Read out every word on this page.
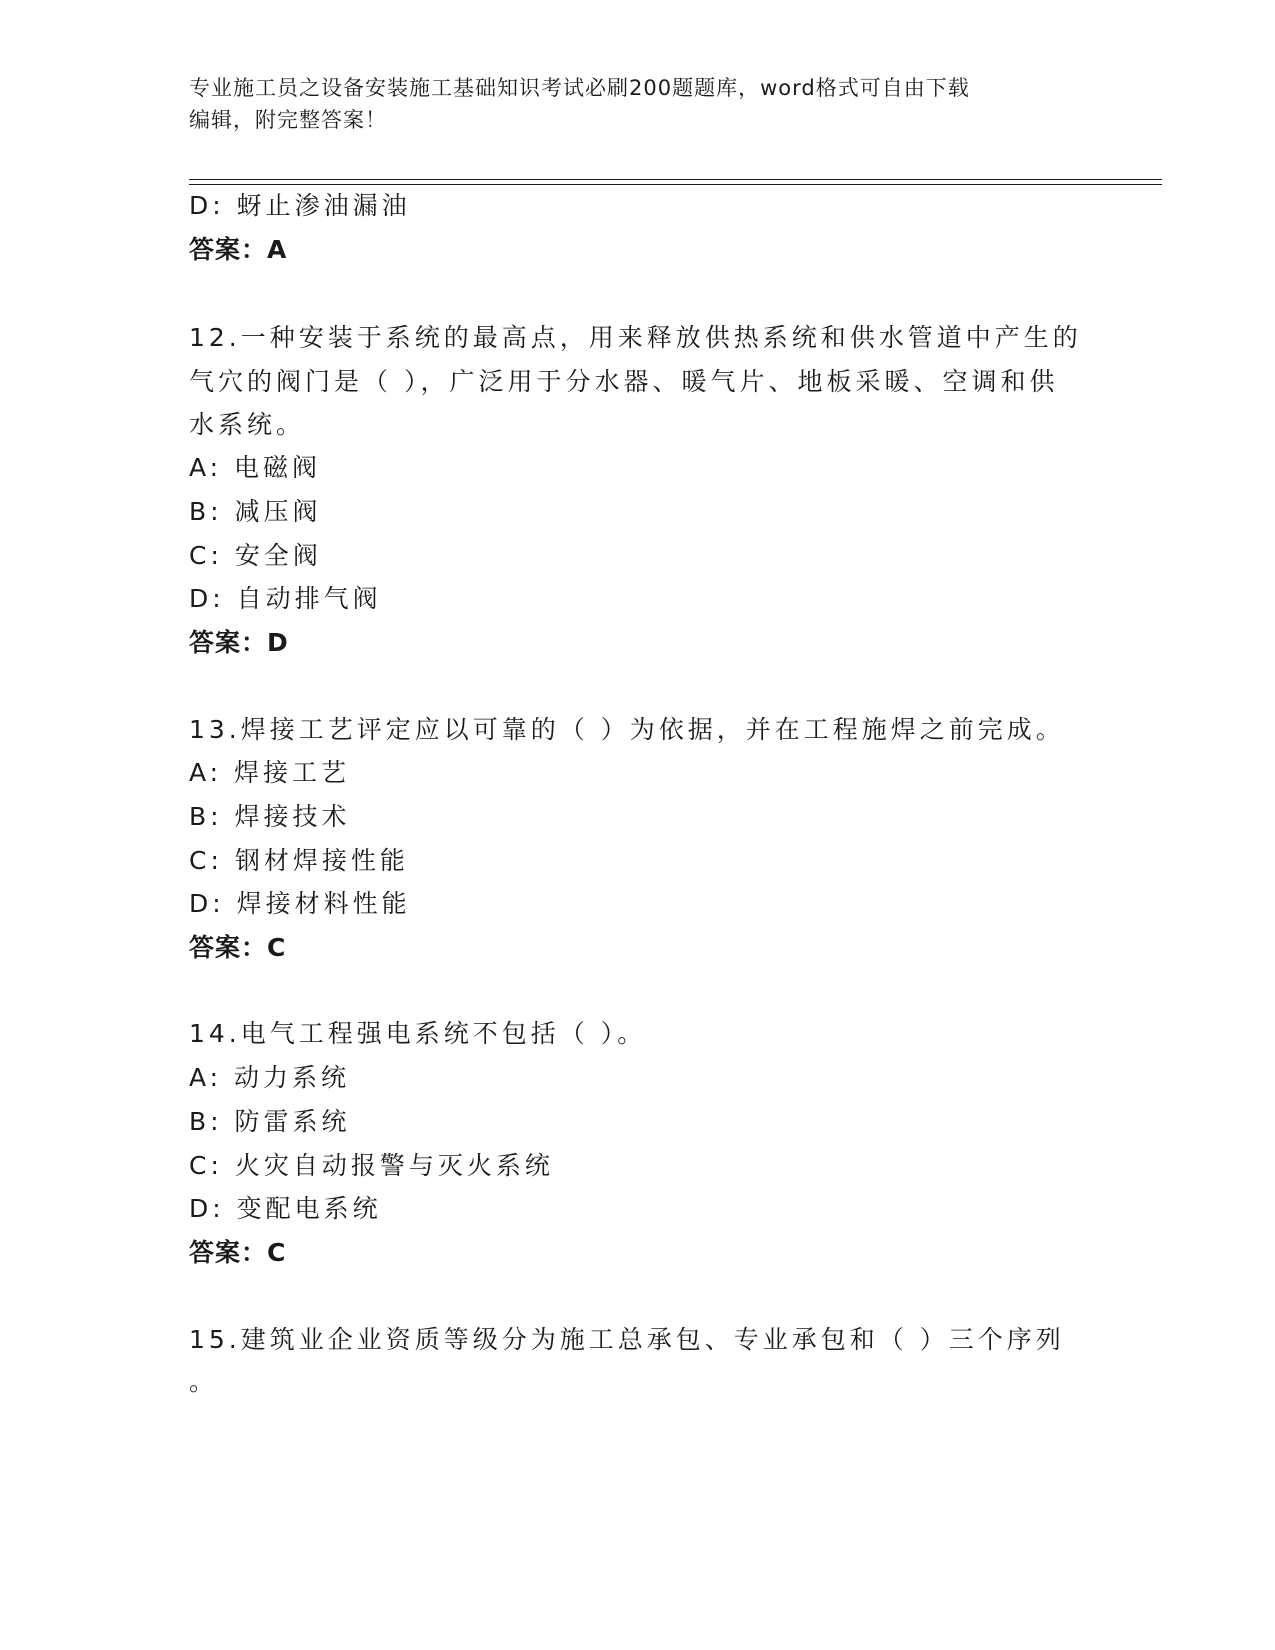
专业施工员之设备安装施工基础知识考试必刷200题题库，word格式可自由下载
编辑，附完整答案！
D: 蚜止渗油漏油
答案：A
12.一种安装于系统的最高点，用来释放供热系统和供水管道中产生的
气穴的阀门是（ ），广泛用于分水器、暖气片、地板采暖、空调和供
水系统。
A: 电磁阀
B: 减压阀
C: 安全阀
D: 自动排气阀
答案：D
13.焊接工艺评定应以可靠的（ ）为依据，并在工程施焊之前完成。
A: 焊接工艺
B: 焊接技术
C: 钢材焊接性能
D: 焊接材料性能
答案：C
14.电气工程强电系统不包括（ ）。
A: 动力系统
B: 防雷系统
C: 火灾自动报警与灭火系统
D: 变配电系统
答案：C
15.建筑业企业资质等级分为施工总承包、专业承包和（ ）三个序列
。
